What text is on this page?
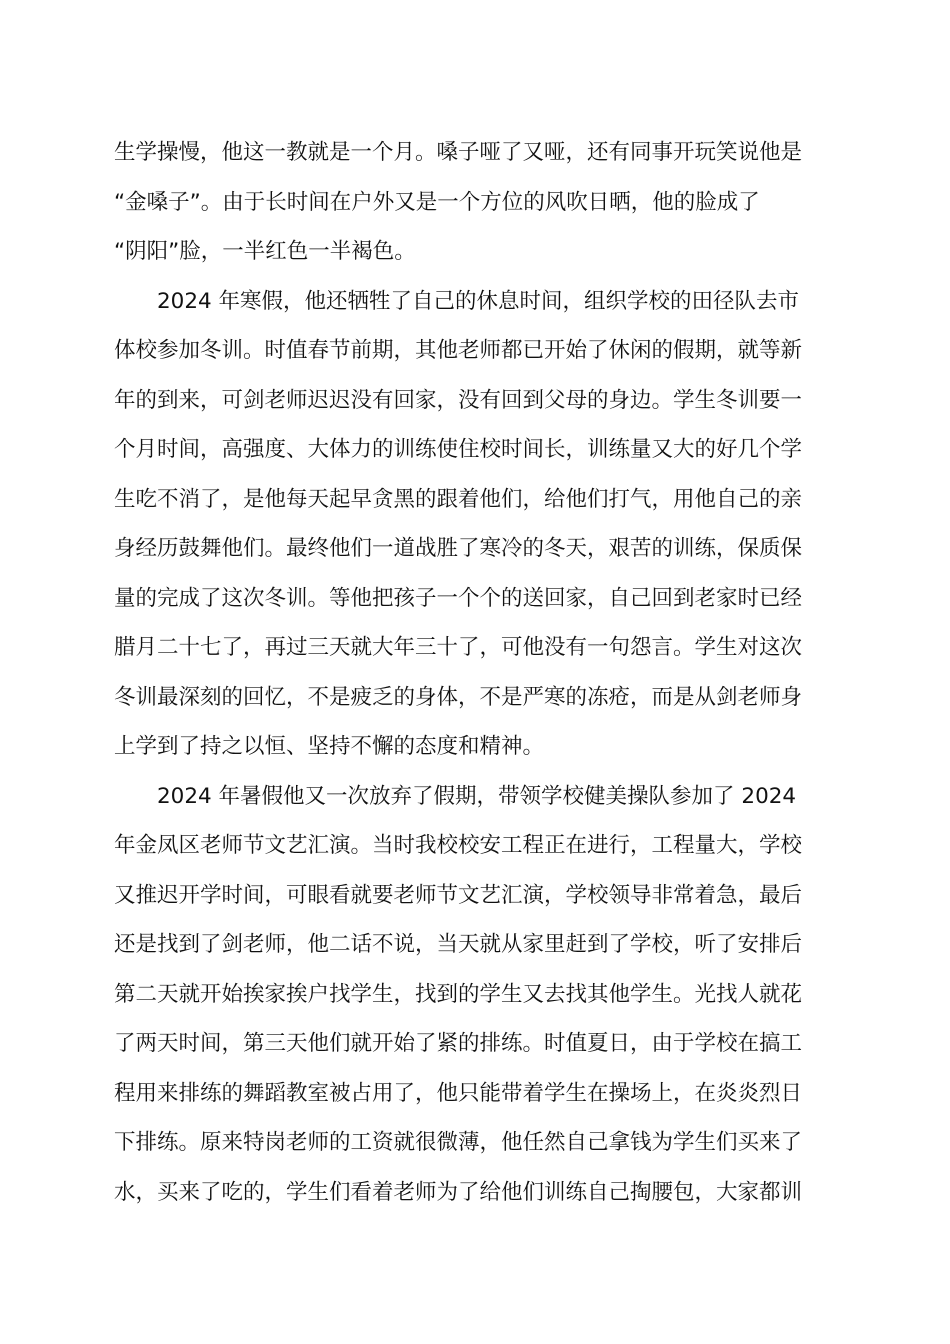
生学操慢，他这一教就是一个月。嗓子哑了又哑，还有同事开玩笑说他是
“金嗓子”。由于长时间在户外又是一个方位的风吹日晒，他的脸成了
“阴阳”脸，一半红色一半褐色。
2024 年寒假，他还牺牲了自己的休息时间，组织学校的田径队去市
体校参加冬训。时值春节前期，其他老师都已开始了休闲的假期，就等新
年的到来，可剑老师迟迟没有回家，没有回到父母的身边。学生冬训要一
个月时间，高强度、大体力的训练使住校时间长，训练量又大的好几个学
生吃不消了，是他每天起早贪黑的跟着他们，给他们打气，用他自己的亲
身经历鼓舞他们。最终他们一道战胜了寒冷的冬天，艰苦的训练，保质保
量的完成了这次冬训。等他把孩子一个个的送回家，自己回到老家时已经
腊月二十七了，再过三天就大年三十了，可他没有一句怨言。学生对这次
冬训最深刻的回忆，不是疲乏的身体，不是严寒的冻疮，而是从剑老师身
上学到了持之以恒、坚持不懈的态度和精神。
2024 年暑假他又一次放弃了假期，带领学校健美操队参加了 2024
年金凤区老师节文艺汇演。当时我校校安工程正在进行，工程量大，学校
又推迟开学时间，可眼看就要老师节文艺汇演，学校领导非常着急，最后
还是找到了剑老师，他二话不说，当天就从家里赶到了学校，听了安排后
第二天就开始挨家挨户找学生，找到的学生又去找其他学生。光找人就花
了两天时间，第三天他们就开始了紧的排练。时值夏日，由于学校在搞工
程用来排练的舞蹈教室被占用了，他只能带着学生在操场上，在炎炎烈日
下排练。原来特岗老师的工资就很微薄，他任然自己拿钱为学生们买来了
水，买来了吃的，学生们看着老师为了给他们训练自己掏腰包，大家都训
